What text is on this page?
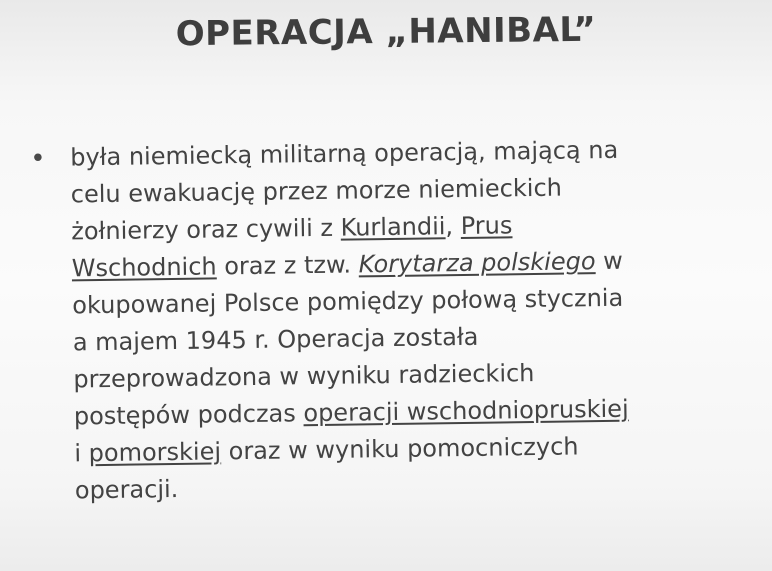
OPERACJA „HANIBAL”
• była niemiecką militarną operacją, mającą na
celu ewakuację przez morze niemieckich
żołnierzy oraz cywili z Kurlandii, Prus
Wschodnich oraz z tzw. Korytarza polskiego w
okupowanej Polsce pomiędzy połową stycznia
a majem 1945 r. Operacja została
przeprowadzona w wyniku radzieckich
postępów podczas operacji wschodniopruskiej
i pomorskiej oraz w wyniku pomocniczych
operacji.
